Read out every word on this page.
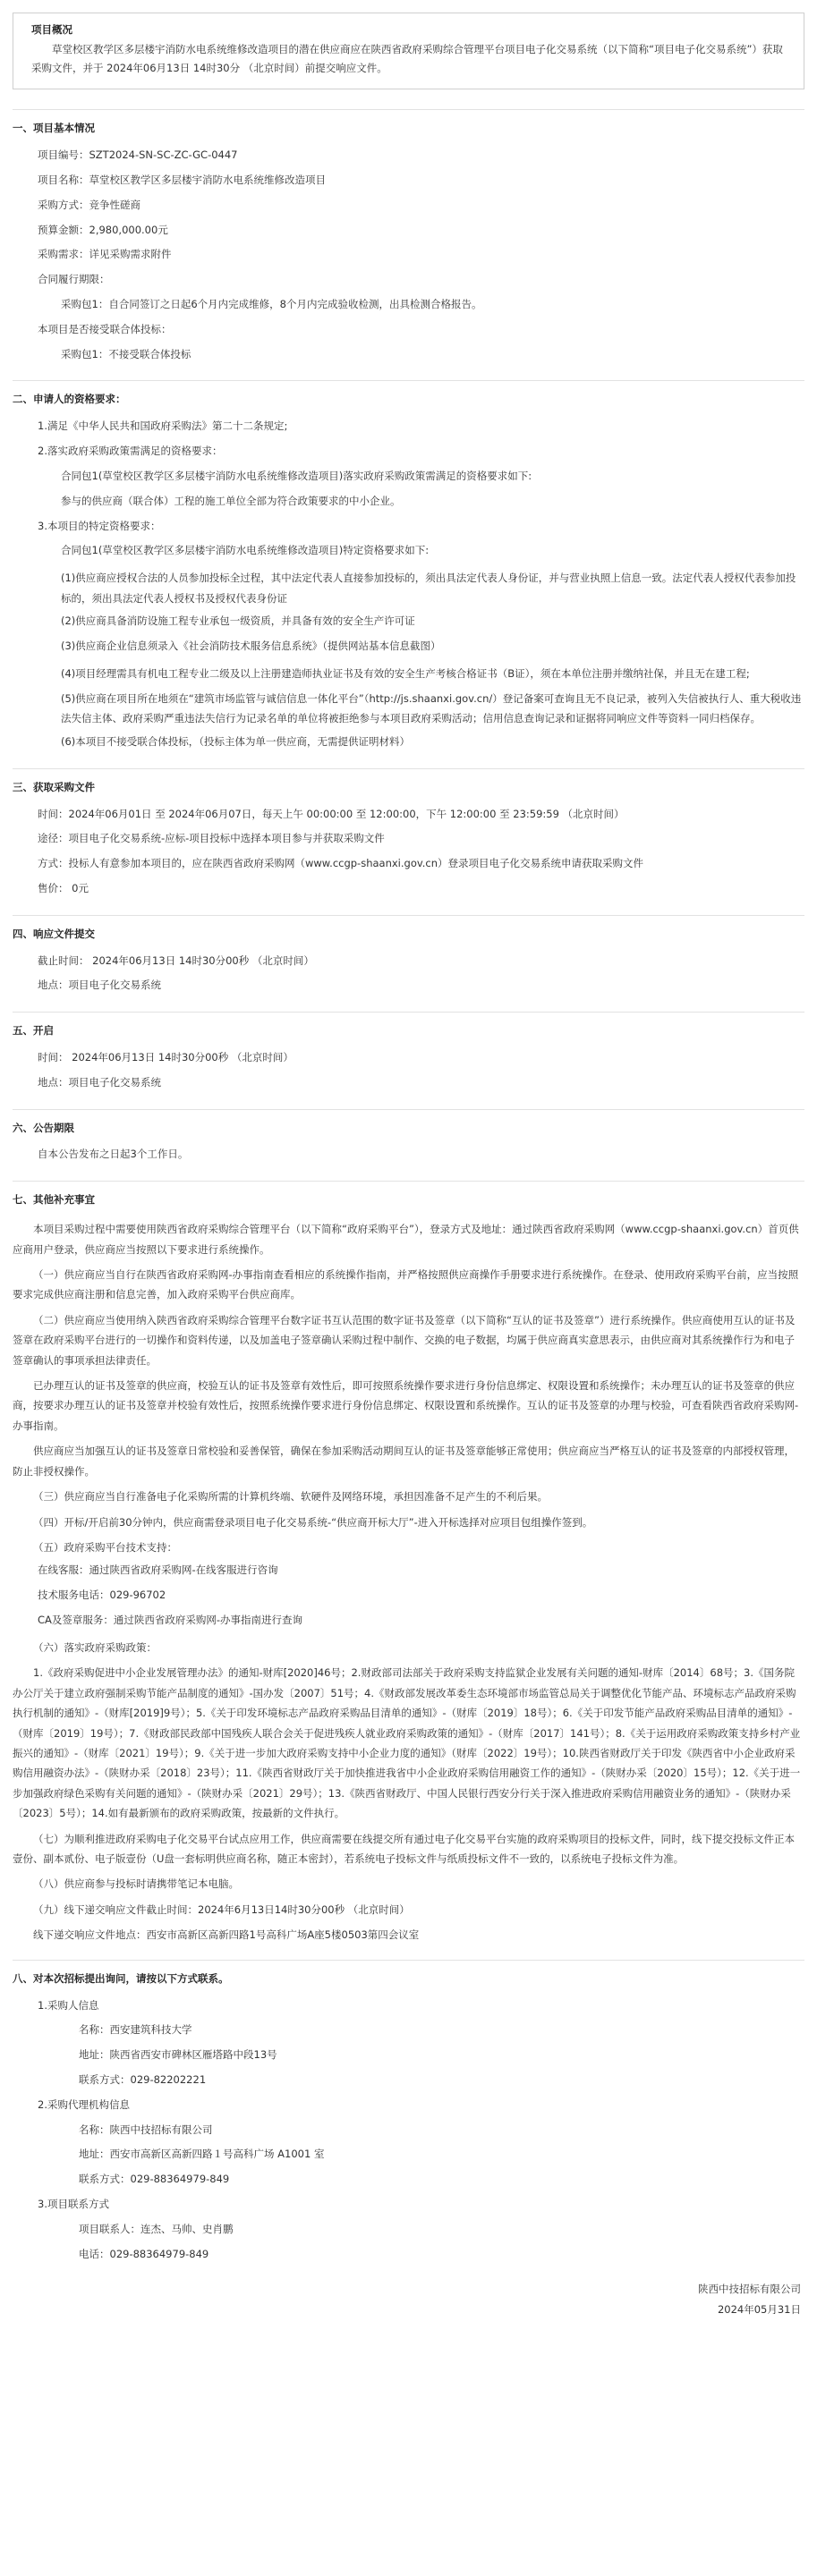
项目概况
草堂校区教学区多层楼宇消防水电系统维修改造项目的潜在供应商应在陕西省政府采购综合管理平台项目电子化交易系统（以下简称“项目电子化交易系统”）获取采购文件，并于 2024年06月13日 14时30分 （北京时间）前提交响应文件。
一、项目基本情况
项目编号：SZT2024-SN-SC-ZC-GC-0447
项目名称：草堂校区教学区多层楼宇消防水电系统维修改造项目
采购方式：竞争性磋商
预算金额：2,980,000.00元
采购需求：详见采购需求附件
合同履行期限：
采购包1：自合同签订之日起6个月内完成维修，8个月内完成验收检测，出具检测合格报告。
本项目是否接受联合体投标：
采购包1：不接受联合体投标
二、申请人的资格要求：
1.满足《中华人民共和国政府采购法》第二十二条规定;
2.落实政府采购政策需满足的资格要求：
合同包1(草堂校区教学区多层楼宇消防水电系统维修改造项目)落实政府采购政策需满足的资格要求如下:
参与的供应商（联合体）工程的施工单位全部为符合政策要求的中小企业。
3.本项目的特定资格要求：
合同包1(草堂校区教学区多层楼宇消防水电系统维修改造项目)特定资格要求如下:
(1)供应商应授权合法的人员参加投标全过程，其中法定代表人直接参加投标的，须出具法定代表人身份证，并与营业执照上信息一致。法定代表人授权代表参加投标的，须出具法定代表人授权书及授权代表身份证
(2)供应商具备消防设施工程专业承包一级资质，并具备有效的安全生产许可证
(3)供应商企业信息须录入《社会消防技术服务信息系统》（提供网站基本信息截图）
(4)项目经理需具有机电工程专业二级及以上注册建造师执业证书及有效的安全生产考核合格证书（B证），须在本单位注册并缴纳社保，并且无在建工程;
(5)供应商在项目所在地须在“建筑市场监管与诚信信息一体化平台”（http://js.shaanxi.gov.cn/）登记备案可查询且无不良记录，被列入失信被执行人、重大税收违法失信主体、政府采购严重违法失信行为记录名单的单位将被拒绝参与本项目政府采购活动；信用信息查询记录和证据将同响应文件等资料一同归档保存。
(6)本项目不接受联合体投标，（投标主体为单一供应商，无需提供证明材料）
三、获取采购文件
时间：2024年06月01日 至 2024年06月07日，每天上午 00:00:00 至 12:00:00，下午 12:00:00 至 23:59:59 （北京时间）
途径：项目电子化交易系统-应标-项目投标中选择本项目参与并获取采购文件
方式：投标人有意参加本项目的，应在陕西省政府采购网（www.ccgp-shaanxi.gov.cn）登录项目电子化交易系统申请获取采购文件
售价： 0元
四、响应文件提交
截止时间： 2024年06月13日 14时30分00秒 （北京时间）
地点：项目电子化交易系统
五、开启
时间： 2024年06月13日 14时30分00秒 （北京时间）
地点：项目电子化交易系统
六、公告期限
自本公告发布之日起3个工作日。
七、其他补充事宜
本项目采购过程中需要使用陕西省政府采购综合管理平台（以下简称“政府采购平台”），登录方式及地址：通过陕西省政府采购网（www.ccgp-shaanxi.gov.cn）首页供应商用户登录，供应商应当按照以下要求进行系统操作。
（一）供应商应当自行在陕西省政府采购网-办事指南查看相应的系统操作指南，并严格按照供应商操作手册要求进行系统操作。在登录、使用政府采购平台前，应当按照要求完成供应商注册和信息完善，加入政府采购平台供应商库。
（二）供应商应当使用纳入陕西省政府采购综合管理平台数字证书互认范围的数字证书及签章（以下简称“互认的证书及签章”）进行系统操作。供应商使用互认的证书及签章在政府采购平台进行的一切操作和资料传递，以及加盖电子签章确认采购过程中制作、交换的电子数据，均属于供应商真实意思表示，由供应商对其系统操作行为和电子签章确认的事项承担法律责任。
已办理互认的证书及签章的供应商，校验互认的证书及签章有效性后，即可按照系统操作要求进行身份信息绑定、权限设置和系统操作；未办理互认的证书及签章的供应商，按要求办理互认的证书及签章并校验有效性后，按照系统操作要求进行身份信息绑定、权限设置和系统操作。互认的证书及签章的办理与校验，可查看陕西省政府采购网-办事指南。
供应商应当加强互认的证书及签章日常校验和妥善保管，确保在参加采购活动期间互认的证书及签章能够正常使用；供应商应当严格互认的证书及签章的内部授权管理，防止非授权操作。
（三）供应商应当自行准备电子化采购所需的计算机终端、软硬件及网络环境，承担因准备不足产生的不利后果。
（四）开标/开启前30分钟内，供应商需登录项目电子化交易系统-“供应商开标大厅”-进入开标选择对应项目包组操作签到。
（五）政府采购平台技术支持：
在线客服：通过陕西省政府采购网-在线客服进行咨询
技术服务电话：029-96702
CA及签章服务：通过陕西省政府采购网-办事指南进行查询
（六）落实政府采购政策：
1.《政府采购促进中小企业发展管理办法》的通知-财库[2020]46号；2.财政部司法部关于政府采购支持监狱企业发展有关问题的通知-财库〔2014〕68号；3.《国务院办公厅关于建立政府强制采购节能产品制度的通知》-国办发〔2007〕51号；4.《财政部发展改革委生态环境部市场监管总局关于调整优化节能产品、环境标志产品政府采购执行机制的通知》-（财库[2019]9号）；5.《关于印发环境标志产品政府采购品目清单的通知》-（财库〔2019〕18号）；6.《关于印发节能产品政府采购品目清单的通知》-（财库〔2019〕19号）；7.《财政部民政部中国残疾人联合会关于促进残疾人就业政府采购政策的通知》-（财库〔2017〕141号）；8.《关于运用政府采购政策支持乡村产业振兴的通知》-（财库〔2021〕19号）；9.《关于进一步加大政府采购支持中小企业力度的通知》（财库〔2022〕19号）；10.陕西省财政厅关于印发《陕西省中小企业政府采购信用融资办法》-（陕财办采〔2018〕23号）；11.《陕西省财政厅关于加快推进我省中小企业政府采购信用融资工作的通知》-（陕财办采〔2020〕15号）；12.《关于进一步加强政府绿色采购有关问题的通知》-（陕财办采〔2021〕29号）；13.《陕西省财政厅、中国人民银行西安分行关于深入推进政府采购信用融资业务的通知》-（陕财办采〔2023〕5号）；14.如有最新颁布的政府采购政策，按最新的文件执行。
（七）为顺利推进政府采购电子化交易平台试点应用工作，供应商需要在线提交所有通过电子化交易平台实施的政府采购项目的投标文件，同时，线下提交投标文件正本壹份、副本贰份、电子版壹份（U盘一套标明供应商名称，随正本密封），若系统电子投标文件与纸质投标文件不一致的，以系统电子投标文件为准。
（八）供应商参与投标时请携带笔记本电脑。
（九）线下递交响应文件截止时间：2024年6月13日14时30分00秒 （北京时间）
线下递交响应文件地点：西安市高新区高新四路1号高科广场A座5楼0503第四会议室
八、对本次招标提出询问，请按以下方式联系。
1.采购人信息
名称：西安建筑科技大学
地址：陕西省西安市碑林区雁塔路中段13号
联系方式：029-82202221
2.采购代理机构信息
名称：陕西中技招标有限公司
地址：西安市高新区高新四路１号高科广场 A1001 室
联系方式：029-88364979-849
3.项目联系方式
项目联系人：连杰、马帅、史肖鹏
电话：029-88364979-849
陕西中技招标有限公司
2024年05月31日
